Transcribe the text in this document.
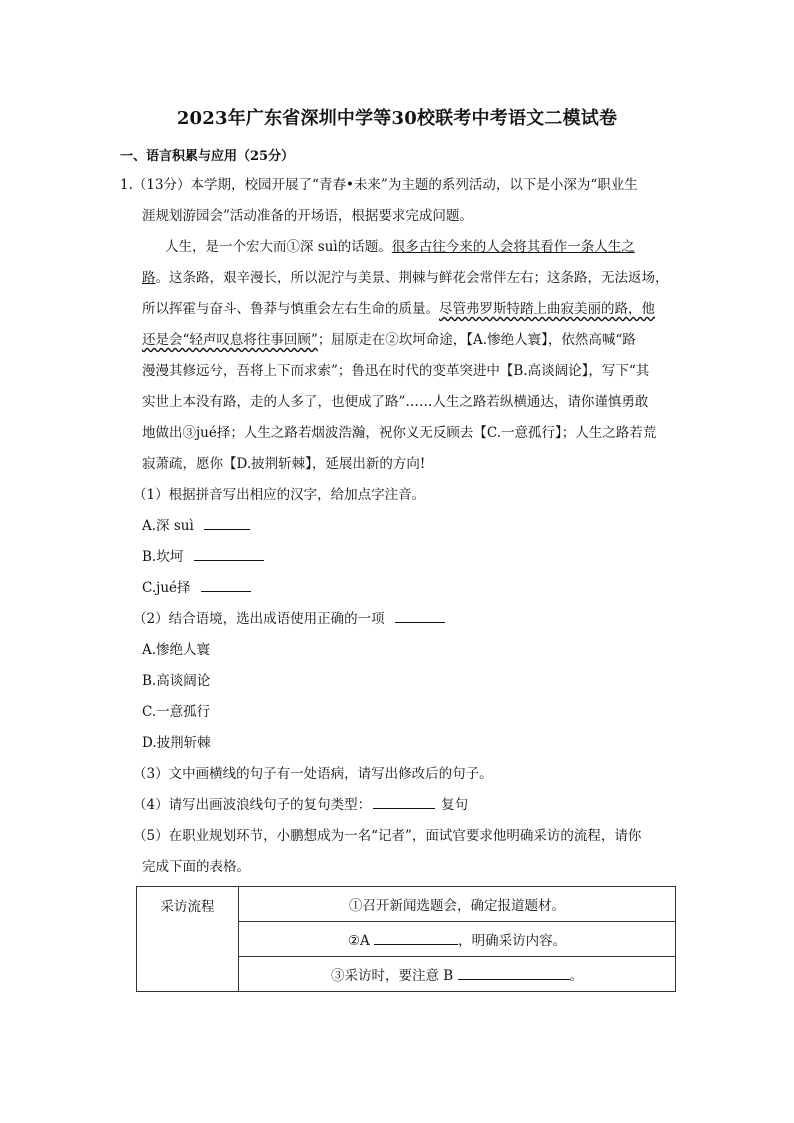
2023年广东省深圳中学等30校联考中考语文二模试卷
一、语言积累与应用（25分）
1.（13分）本学期，校园开展了“青春•未来”为主题的系列活动，以下是小深为“职业生
涯规划游园会”活动准备的开场语，根据要求完成问题。
人生，是一个宏大而①深 suì的话题。很多古往今来的人会将其看作一条人生之
路。这条路，艰辛漫长，所以泥泞与美景、荆棘与鲜花会常伴左右；这条路，无法返场，
所以挥霍与奋斗、鲁莽与慎重会左右生命的质量。尽管弗罗斯特踏上曲寂美丽的路，他
还是会“轻声叹息将往事回顾”；屈原走在②坎坷命途，【A.惨绝人寰】，依然高喊“路
漫漫其修远兮，吾将上下而求索”；鲁迅在时代的变革突进中【B.高谈阔论】，写下“其
实世上本没有路，走的人多了，也便成了路”……人生之路若纵横通达，请你谨慎勇敢
地做出③jué择；人生之路若烟波浩瀚，祝你义无反顾去【C.一意孤行】；人生之路若荒
寂萧疏，愿你【D.披荆斩棘】，延展出新的方向!
（1）根据拼音写出相应的汉字，给加点字注音。
A.深 suì
B.坎坷
C.jué择
（2）结合语境，选出成语使用正确的一项
A.惨绝人寰
B.高谈阔论
C.一意孤行
D.披荆斩棘
（3）文中画横线的句子有一处语病，请写出修改后的句子。
（4）请写出画波浪线句子的复句类型：	复句
（5）在职业规划环节，小鹏想成为一名“记者”，面试官要求他明确采访的流程，请你
完成下面的表格。
采访流程	①召开新闻选题会，确定报道题材。
②A	，明确采访内容。
③采访时，要注意 B	。
